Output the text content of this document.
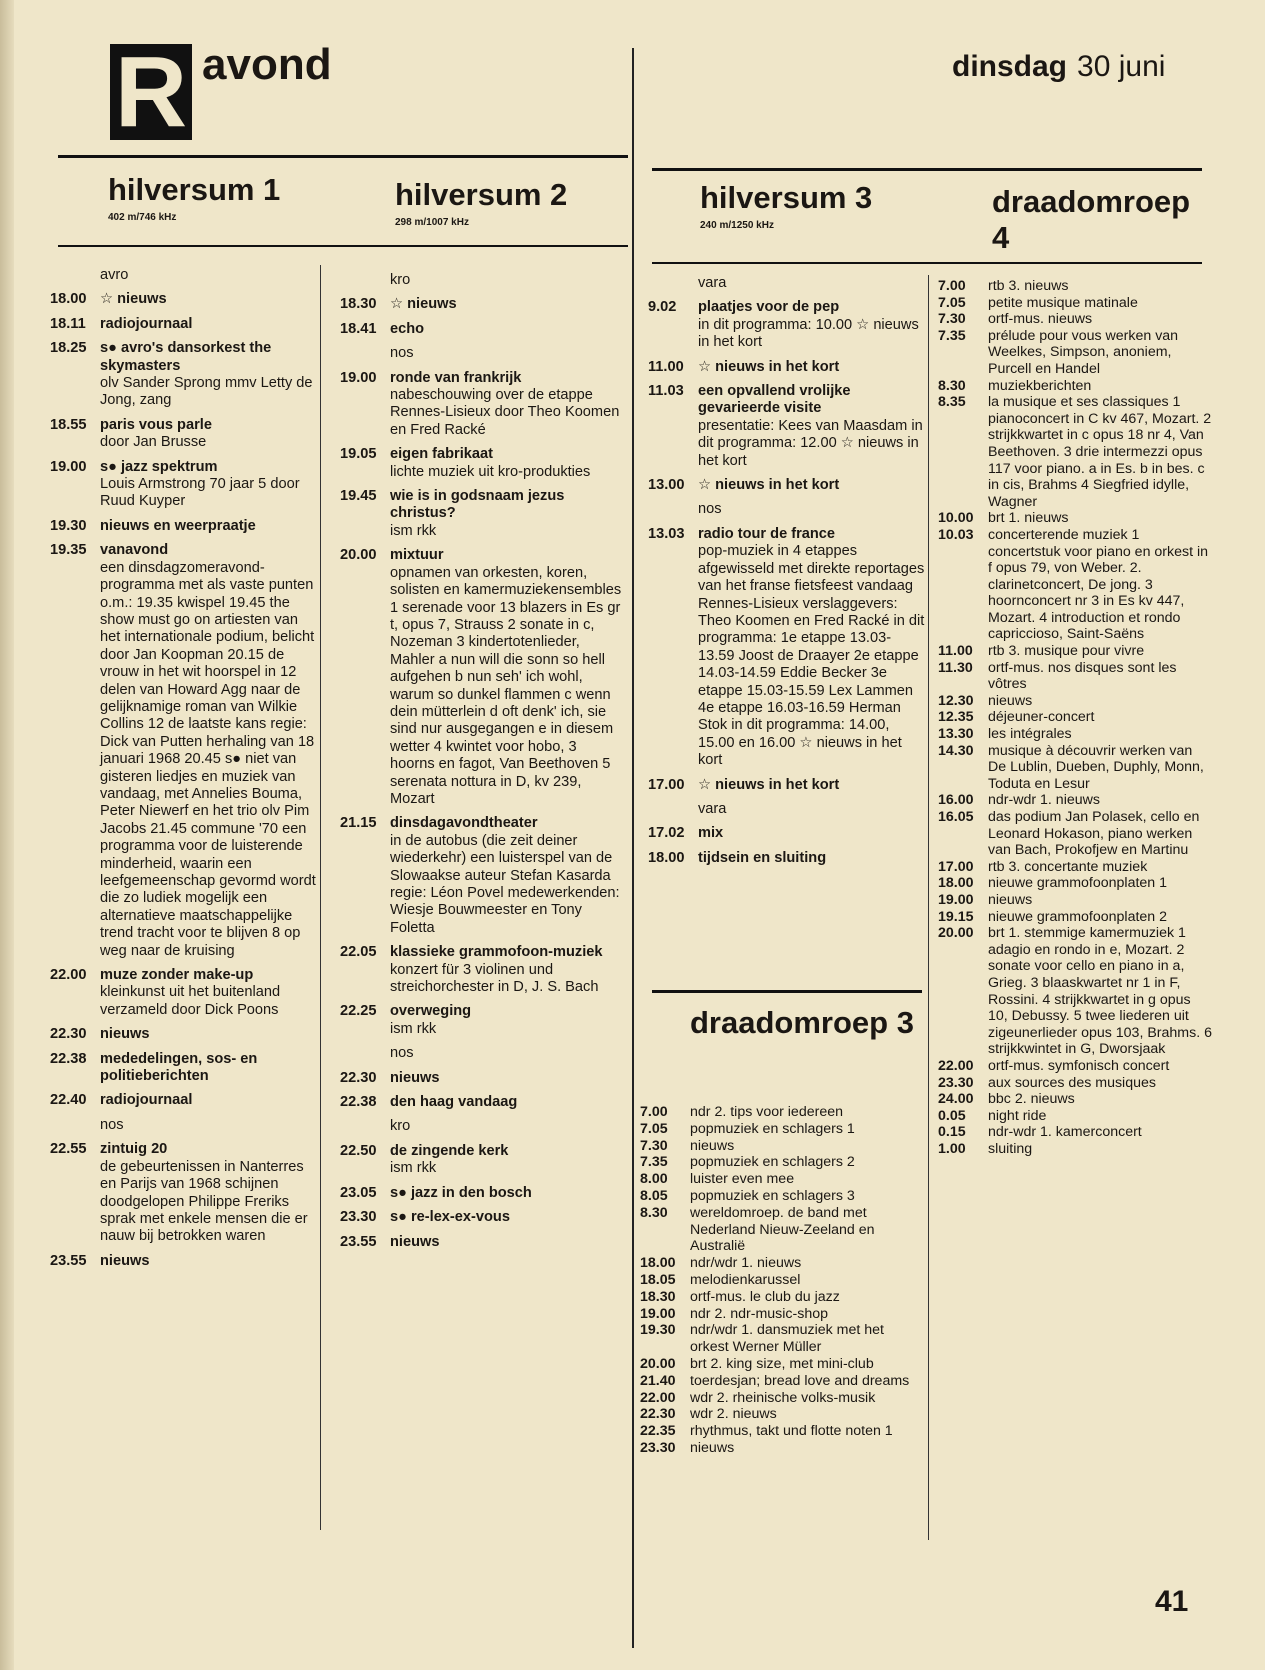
R avond	dinsdag 30 juni
hilversum 1
402 m/746 kHz
hilversum 2
298 m/1007 kHz
hilversum 3
240 m/1250 kHz
draadomroep 4
draadomroep 3
avro
18.00 ☆ nieuws

18.11 radiojournaal

18.25 s● avro's dansorkest the skymasters
olv Sander Sprong mmv Letty de Jong, zang
18.55 paris vous parle
door Jan Brusse
19.00 s● jazz spektrum
Louis Armstrong 70 jaar 5 door Ruud Kuyper
19.30 nieuws en weerpraatje

19.35 vanavond
een dinsdagzomeravond-programma met als vaste punten o.m.: 19.35 kwispel 19.45 the show must go on artiesten van het internationale podium, belicht door Jan Koopman 20.15 de vrouw in het wit hoorspel in 12 delen van Howard Agg naar de gelijknamige roman van Wilkie Collins 12 de laatste kans regie: Dick van Putten herhaling van 18 januari 1968 20.45 s● niet van gisteren liedjes en muziek van vandaag, met Annelies Bouma, Peter Niewerf en het trio olv Pim Jacobs 21.45 commune '70 een programma voor de luisterende minderheid, waarin een leefgemeenschap gevormd wordt die zo ludiek mogelijk een alternatieve maatschappelijke trend tracht voor te blijven 8 op weg naar de kruising
22.00 muze zonder make-up
kleinkunst uit het buitenland verzameld door Dick Poons
22.30 nieuws

22.38 mededelingen, sos- en politieberichten

22.40 radiojournaal

nos
22.55 zintuig 20
de gebeurtenissen in Nanterres en Parijs van 1968 schijnen doodgelopen Philippe Freriks sprak met enkele mensen die er nauw bij betrokken waren
23.55 nieuws

kro
18.30 ☆ nieuws

18.41 echo

nos
19.00 ronde van frankrijk
nabeschouwing over de etappe Rennes-Lisieux door Theo Koomen en Fred Racké
19.05 eigen fabrikaat
lichte muziek uit kro-produkties
19.45 wie is in godsnaam jezus christus?
ism rkk
20.00 mixtuur
opnamen van orkesten, koren, solisten en kamermuziekensembles 1 serenade voor 13 blazers in Es gr t, opus 7, Strauss 2 sonate in c, Nozeman 3 kindertotenlieder, Mahler a nun will die sonn so hell aufgehen b nun seh' ich wohl, warum so dunkel flammen c wenn dein mütterlein d oft denk' ich, sie sind nur ausgegangen e in diesem wetter 4 kwintet voor hobo, 3 hoorns en fagot, Van Beethoven 5 serenata nottura in D, kv 239, Mozart
21.15 dinsdagavondtheater
in de autobus (die zeit deiner wiederkehr) een luisterspel van de Slowaakse auteur Stefan Kasarda regie: Léon Povel medewerkenden: Wiesje Bouwmeester en Tony Foletta
22.05 klassieke grammofoon-muziek
konzert für 3 violinen und streichorchester in D, J. S. Bach
22.25 overweging
ism rkk
nos
22.30 nieuws

22.38 den haag vandaag

kro
22.50 de zingende kerk
ism rkk
23.05 s● jazz in den bosch

23.30 s● re-lex-ex-vous

23.55 nieuws

vara
9.02	plaatjes voor de pep
in dit programma: 10.00 ☆ nieuws in het kort
11.00 ☆ nieuws in het kort

11.03 een opvallend vrolijke gevarieerde visite
presentatie: Kees van Maasdam in dit programma: 12.00 ☆ nieuws in het kort
13.00 ☆ nieuws in het kort

nos
13.03 radio tour de france
pop-muziek in 4 etappes afgewisseld met direkte reportages van het franse fietsfeest vandaag Rennes-Lisieux verslaggevers: Theo Koomen en Fred Racké in dit programma: 1e etappe 13.03-13.59 Joost de Draayer 2e etappe 14.03-14.59 Eddie Becker 3e etappe 15.03-15.59 Lex Lammen 4e etappe 16.03-16.59 Herman Stok in dit programma: 14.00, 15.00 en 16.00 ☆ nieuws in het kort
17.00 ☆ nieuws in het kort

vara
17.02 mix

18.00 tijdsein en sluiting

7.00	ndr 2. tips voor iedereen
7.05	popmuziek en schlagers 1
7.30	nieuws
7.35	popmuziek en schlagers 2
8.00	luister even mee
8.05	popmuziek en schlagers 3
8.30	wereldomroep. de band met Nederland Nieuw-Zeeland en Australië
18.00	ndr/wdr 1. nieuws
18.05	melodienkarussel
18.30	ortf-mus. le club du jazz
19.00	ndr 2. ndr-music-shop
19.30	ndr/wdr 1. dansmuziek met het orkest Werner Müller
20.00	brt 2. king size, met mini-club
21.40	toerdesjan; bread love and dreams
22.00	wdr 2. rheinische volks-musik
22.30	wdr 2. nieuws
22.35	rhythmus, takt und flotte noten 1
23.30	nieuws
7.00	rtb 3. nieuws
7.05	petite musique matinale
7.30	ortf-mus. nieuws
7.35	prélude pour vous werken van Weelkes, Simpson, anoniem, Purcell en Handel
8.30	muziekberichten
8.35	la musique et ses classiques 1 pianoconcert in C kv 467, Mozart. 2 strijkkwartet in c opus 18 nr 4, Van Beethoven. 3 drie intermezzi opus 117 voor piano. a in Es. b in bes. c in cis, Brahms 4 Siegfried idylle, Wagner
10.00	brt 1. nieuws
10.03	concerterende muziek 1 concertstuk voor piano en orkest in f opus 79, von Weber. 2. clarinetconcert, De jong. 3 hoornconcert nr 3 in Es kv 447, Mozart. 4 introduction et rondo capriccioso, Saint-Saëns
11.00	rtb 3. musique pour vivre
11.30	ortf-mus. nos disques sont les vôtres
12.30	nieuws
12.35	déjeuner-concert
13.30	les intégrales
14.30	musique à découvrir werken van De Lublin, Dueben, Duphly, Monn, Toduta en Lesur
16.00	ndr-wdr 1. nieuws
16.05	das podium Jan Polasek, cello en Leonard Hokason, piano werken van Bach, Prokofjew en Martinu
17.00	rtb 3. concertante muziek
18.00	nieuwe grammofoonplaten 1
19.00	nieuws
19.15	nieuwe grammofoonplaten 2
20.00	brt 1. stemmige kamermuziek 1 adagio en rondo in e, Mozart. 2 sonate voor cello en piano in a, Grieg. 3 blaaskwartet nr 1 in F, Rossini. 4 strijkkwartet in g opus 10, Debussy. 5 twee liederen uit zigeunerlieder opus 103, Brahms. 6 strijkkwintet in G, Dworsjaak
22.00	ortf-mus. symfonisch concert
23.30	aux sources des musiques
24.00	bbc 2. nieuws
0.05	night ride
0.15	ndr-wdr 1. kamerconcert
1.00	sluiting
41
